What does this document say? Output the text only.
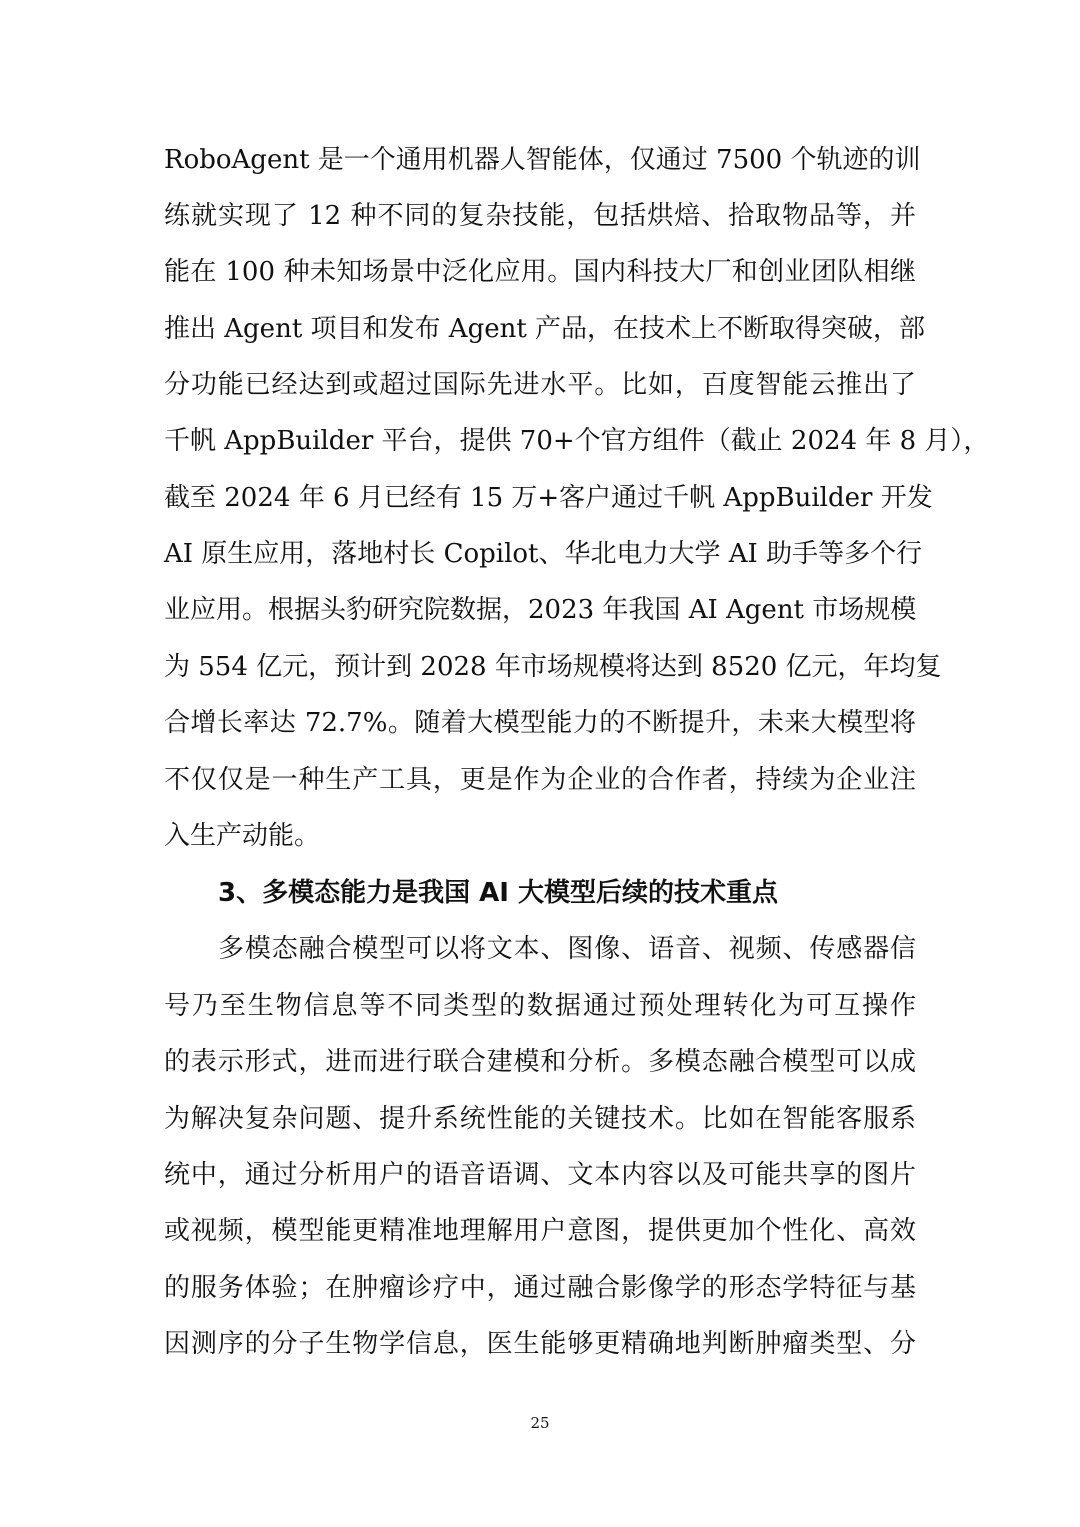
RoboAgent 是一个通用机器人智能体，仅通过 7500 个轨迹的训
练就实现了 12 种不同的复杂技能，包括烘焙、拾取物品等，并
能在 100 种未知场景中泛化应用。国内科技大厂和创业团队相继
推出 Agent 项目和发布 Agent 产品，在技术上不断取得突破，部
分功能已经达到或超过国际先进水平。比如，百度智能云推出了
千帆 AppBuilder 平台，提供 70+个官方组件（截止 2024 年 8 月），
截至 2024 年 6 月已经有 15 万+客户通过千帆 AppBuilder 开发
AI 原生应用，落地村长 Copilot、华北电力大学 AI 助手等多个行
业应用。根据头豹研究院数据，2023 年我国 AI Agent 市场规模
为 554 亿元，预计到 2028 年市场规模将达到 8520 亿元，年均复
合增长率达 72.7%。随着大模型能力的不断提升，未来大模型将
不仅仅是一种生产工具，更是作为企业的合作者，持续为企业注
入生产动能。
3、多模态能力是我国 AI 大模型后续的技术重点
多模态融合模型可以将文本、图像、语音、视频、传感器信
号乃至生物信息等不同类型的数据通过预处理转化为可互操作
的表示形式，进而进行联合建模和分析。多模态融合模型可以成
为解决复杂问题、提升系统性能的关键技术。比如在智能客服系
统中，通过分析用户的语音语调、文本内容以及可能共享的图片
或视频，模型能更精准地理解用户意图，提供更加个性化、高效
的服务体验；在肿瘤诊疗中，通过融合影像学的形态学特征与基
因测序的分子生物学信息，医生能够更精确地判断肿瘤类型、分
25
